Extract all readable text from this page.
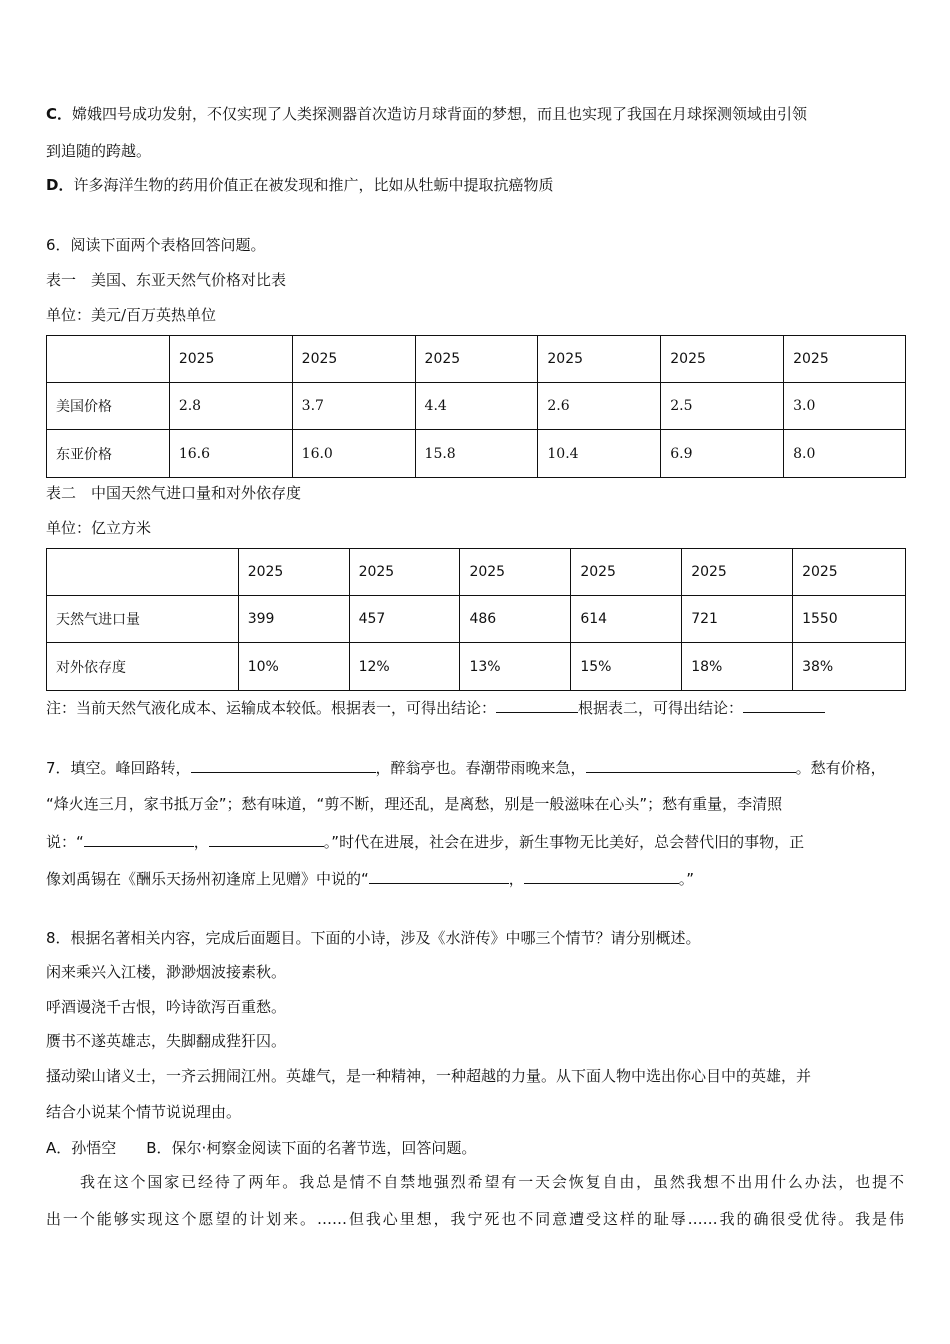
C．嫦娥四号成功发射，不仅实现了人类探测器首次造访月球背面的梦想，而且也实现了我国在月球探测领域由引领
到追随的跨越。
D．许多海洋生物的药用价值正在被发现和推广，比如从牡蛎中提取抗癌物质
6．阅读下面两个表格回答问题。
表一　美国、东亚天然气价格对比表
单位：美元/百万英热单位
	2025	2025	2025	2025	2025	2025
美国价格	2.8	3.7	4.4	2.6	2.5	3.0
东亚价格	16.6	16.0	15.8	10.4	6.9	8.0
表二　中国天然气进口量和对外依存度
单位：亿立方米
	2025	2025	2025	2025	2025	2025
天然气进口量	399	457	486	614	721	1550
对外依存度	10%	12%	13%	15%	18%	38%
注：当前天然气液化成本、运输成本较低。根据表一，可得出结论：	根据表二，可得出结论：
7．填空。峰回路转，	，醉翁亭也。春潮带雨晚来急，	。愁有价格，
“烽火连三月，家书抵万金”；愁有味道，“剪不断，理还乱，是离愁，别是一般滋味在心头”；愁有重量，李清照
说：“	，	。”时代在进展，社会在进步，新生事物无比美好，总会替代旧的事物，正
像刘禹锡在《酬乐天扬州初逢席上见赠》中说的“	，	。”
8．根据名著相关内容，完成后面题目。下面的小诗，涉及《水浒传》中哪三个情节？请分别概述。
闲来乘兴入江楼，渺渺烟波接素秋。
呼酒谩浇千古恨，吟诗欲泻百重愁。
赝书不遂英雄志，失脚翻成狴犴囚。
搔动梁山诸义士，一齐云拥闹江州。英雄气，是一种精神，一种超越的力量。从下面人物中选出你心目中的英雄，并
结合小说某个情节说说理由。
A．孙悟空　　B．保尔·柯察金阅读下面的名著节选，回答问题。
我在这个国家已经待了两年。我总是情不自禁地强烈希望有一天会恢复自由，虽然我想不出用什么办法，也提不
出一个能够实现这个愿望的计划来。……但我心里想，我宁死也不同意遭受这样的耻辱……我的确很受优待。我是伟
